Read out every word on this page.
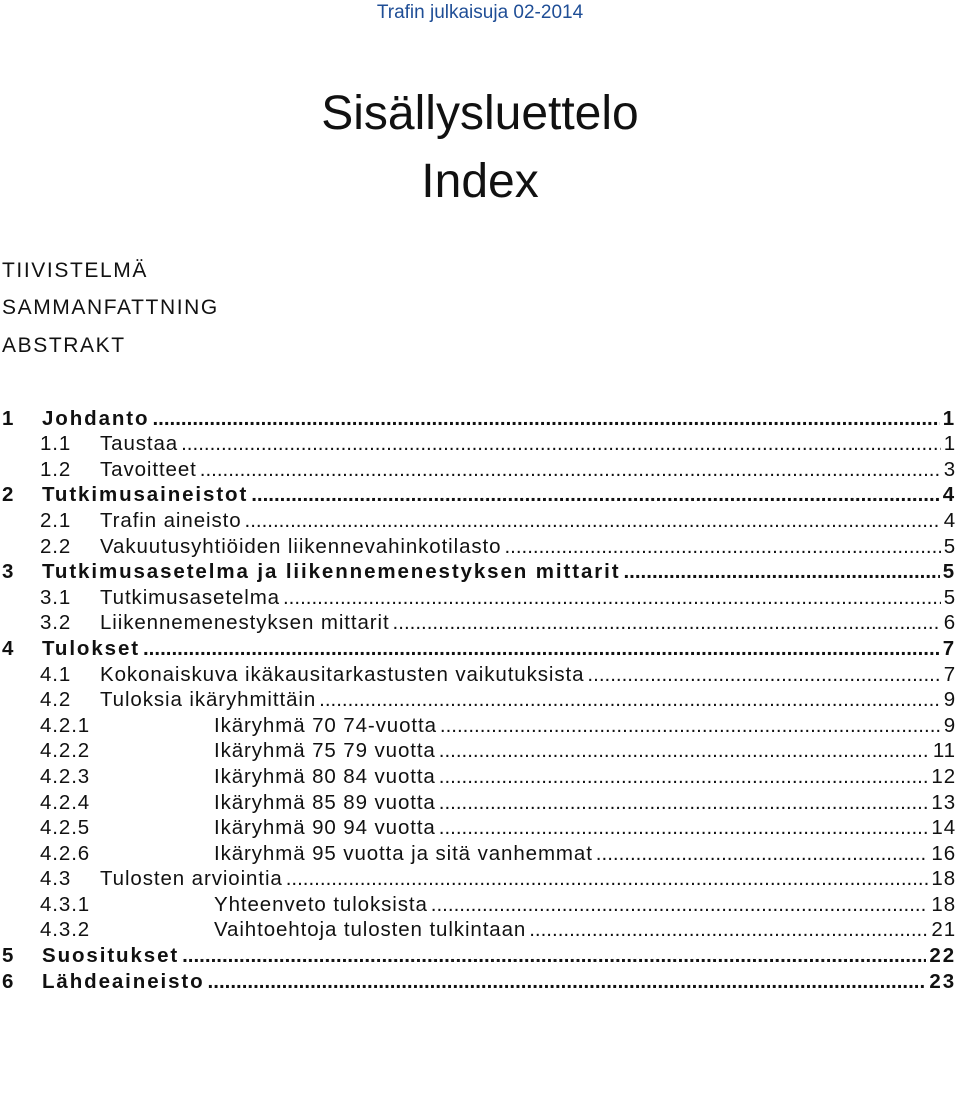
Trafin julkaisuja 02-2014
Sisällysluettelo
Index
TIIVISTELMÄ
SAMMANFATTNING
ABSTRAKT
1	Johdanto .....	1
1.1	Taustaa .....	1
1.2	Tavoitteet .....	3
2	Tutkimusaineistot .....	4
2.1	Trafin aineisto .....	4
2.2	Vakuutusyhtiöiden liikennevahinkotilasto .....	5
3	Tutkimusasetelma ja liikennemenestyksen mittarit .....	5
3.1	Tutkimusasetelma .....	5
3.2	Liikennemenestyksen mittarit .....	6
4	Tulokset .....	7
4.1	Kokonaiskuva ikäkausitarkastusten vaikutuksista .....	7
4.2	Tuloksia ikäryhmittäin .....	9
4.2.1	Ikäryhmä 70 74-vuotta .....	9
4.2.2	Ikäryhmä 75 79 vuotta .....	11
4.2.3	Ikäryhmä 80 84 vuotta .....	12
4.2.4	Ikäryhmä 85 89 vuotta .....	13
4.2.5	Ikäryhmä 90 94 vuotta .....	14
4.2.6	Ikäryhmä 95 vuotta ja sitä vanhemmat .....	16
4.3	Tulosten arviointia .....	18
4.3.1	Yhteenveto tuloksista .....	18
4.3.2	Vaihtoehtoja tulosten tulkintaan .....	21
5	Suositukset .....	22
6	Lähdeaineisto .....	23
